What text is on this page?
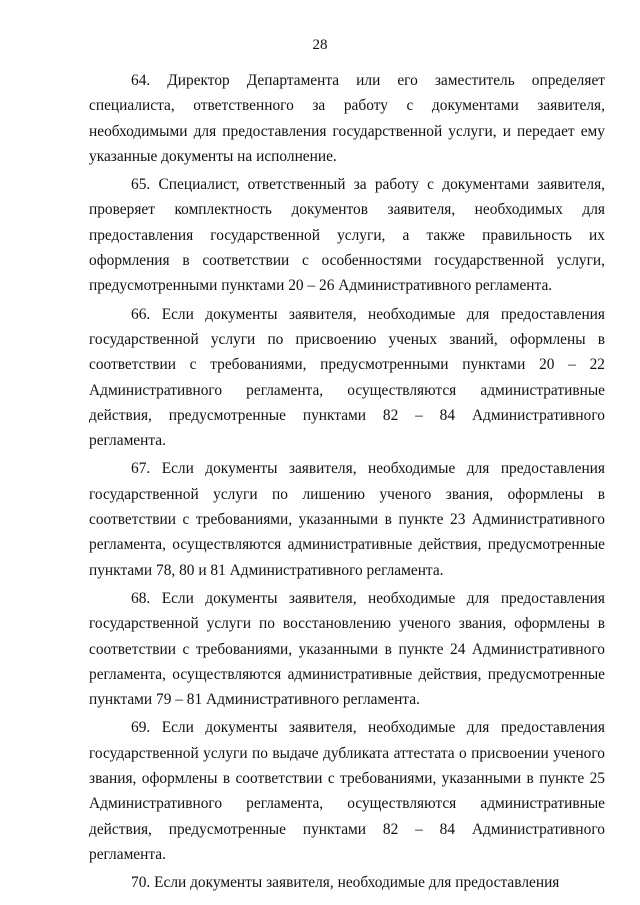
28

64. Директор Департамента или его заместитель определяет специалиста, ответственного за работу с документами заявителя, необходимыми для предоставления государственной услуги, и передает ему указанные документы на исполнение.

65. Специалист, ответственный за работу с документами заявителя, проверяет комплектность документов заявителя, необходимых для предоставления государственной услуги, а также правильность их оформления в соответствии с особенностями государственной услуги, предусмотренными пунктами 20 – 26 Административного регламента.

66. Если документы заявителя, необходимые для предоставления государственной услуги по присвоению ученых званий, оформлены в соответствии с требованиями, предусмотренными пунктами 20 – 22 Административного регламента, осуществляются административные действия, предусмотренные пунктами 82 – 84 Административного регламента.

67. Если документы заявителя, необходимые для предоставления государственной услуги по лишению ученого звания, оформлены в соответствии с требованиями, указанными в пункте 23 Административного регламента, осуществляются административные действия, предусмотренные пунктами 78, 80 и 81 Административного регламента.

68. Если документы заявителя, необходимые для предоставления государственной услуги по восстановлению ученого звания, оформлены в соответствии с требованиями, указанными в пункте 24 Административного регламента, осуществляются административные действия, предусмотренные пунктами 79 – 81 Административного регламента.

69. Если документы заявителя, необходимые для предоставления государственной услуги по выдаче дубликата аттестата о присвоении ученого звания, оформлены в соответствии с требованиями, указанными в пункте 25 Административного регламента, осуществляются административные действия, предусмотренные пунктами 82 – 84 Административного регламента.

70. Если документы заявителя, необходимые для предоставления
